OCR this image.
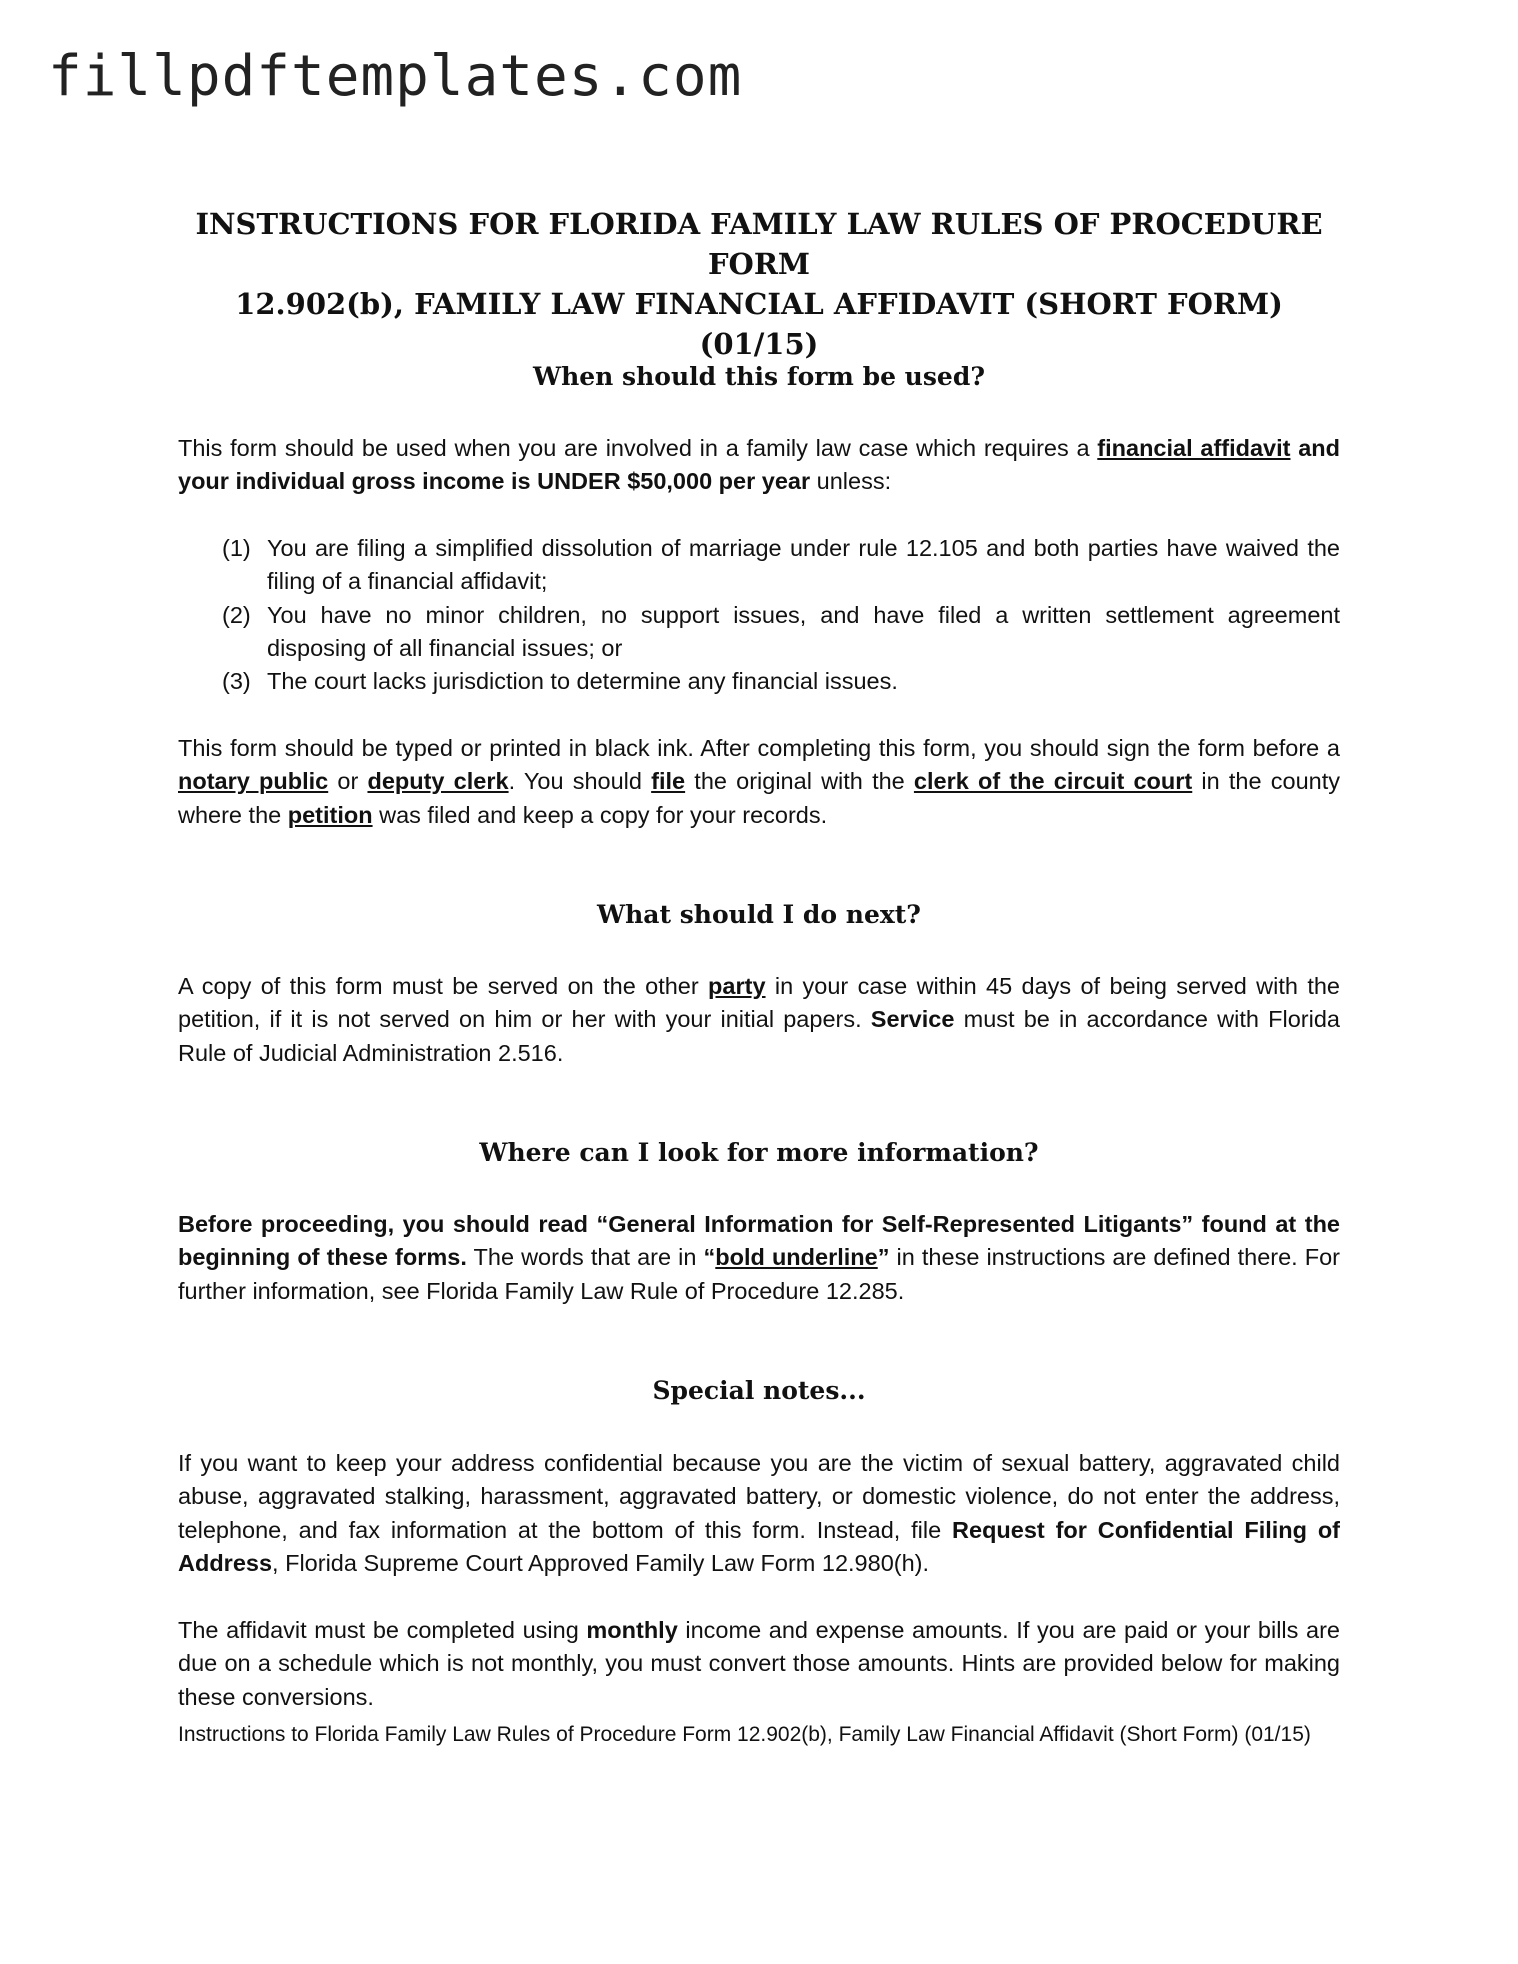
fillpdftemplates.com

INSTRUCTIONS FOR FLORIDA FAMILY LAW RULES OF PROCEDURE FORM
12.902(b), FAMILY LAW FINANCIAL AFFIDAVIT (SHORT FORM) (01/15)
When should this form be used?

This form should be used when you are involved in a family law case which requires a financial affidavit and your individual gross income is UNDER $50,000 per year unless:

(1) You are filing a simplified dissolution of marriage under rule 12.105 and both parties have waived the filing of a financial affidavit;
(2) You have no minor children, no support issues, and have filed a written settlement agreement disposing of all financial issues; or
(3) The court lacks jurisdiction to determine any financial issues.

This form should be typed or printed in black ink. After completing this form, you should sign the form before a notary public or deputy clerk. You should file the original with the clerk of the circuit court in the county where the petition was filed and keep a copy for your records.

What should I do next?

A copy of this form must be served on the other party in your case within 45 days of being served with the petition, if it is not served on him or her with your initial papers. Service must be in accordance with Florida Rule of Judicial Administration 2.516.

Where can I look for more information?

Before proceeding, you should read “General Information for Self-Represented Litigants” found at the beginning of these forms. The words that are in “bold underline” in these instructions are defined there. For further information, see Florida Family Law Rule of Procedure 12.285.

Special notes...

If you want to keep your address confidential because you are the victim of sexual battery, aggravated child abuse, aggravated stalking, harassment, aggravated battery, or domestic violence, do not enter the address, telephone, and fax information at the bottom of this form. Instead, file Request for Confidential Filing of Address, Florida Supreme Court Approved Family Law Form 12.980(h).

The affidavit must be completed using monthly income and expense amounts. If you are paid or your bills are due on a schedule which is not monthly, you must convert those amounts. Hints are provided below for making these conversions.

Instructions to Florida Family Law Rules of Procedure Form 12.902(b), Family Law Financial Affidavit (Short Form) (01/15)
